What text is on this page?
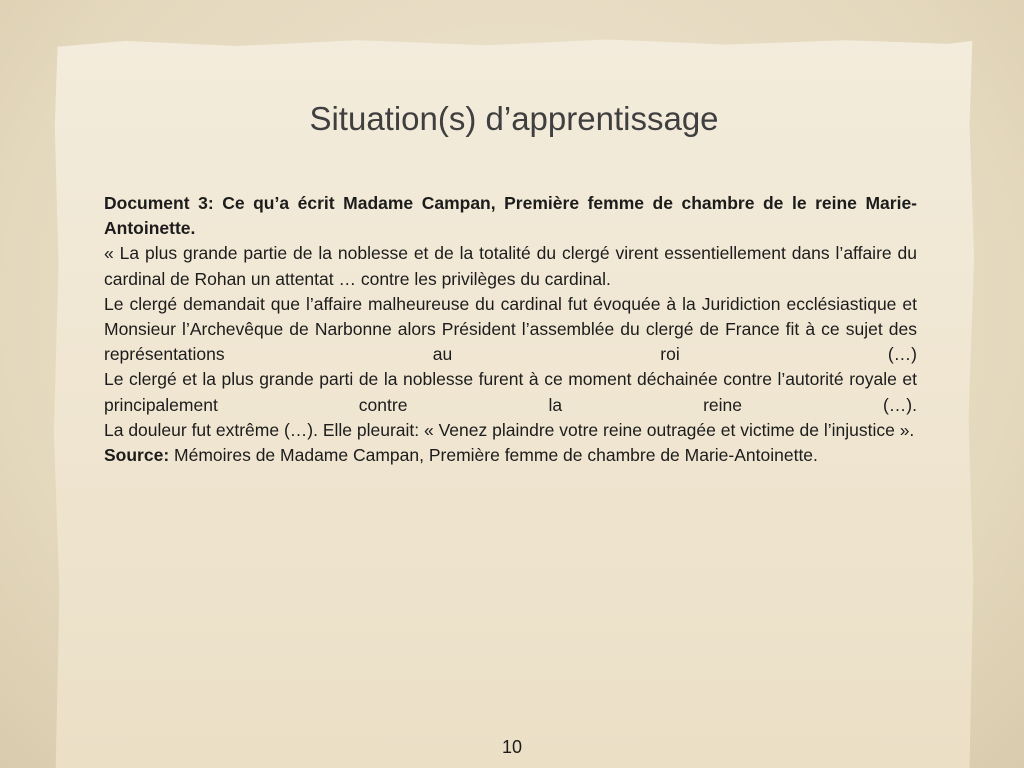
Situation(s) d’apprentissage

Document 3: Ce qu’a écrit Madame Campan, Première femme de chambre de le reine Marie-Antoinette.

« La plus grande partie de la noblesse et de la totalité du clergé virent essentiellement dans l’affaire du cardinal de Rohan un attentat … contre les privilèges du cardinal.

Le clergé demandait que l’affaire malheureuse du cardinal fut évoquée à la Juridiction ecclésiastique et Monsieur l’Archevêque de Narbonne alors Président l’assemblée du clergé de France fit à ce sujet des représentations au roi (…)

Le clergé et la plus grande parti de la noblesse furent à ce moment déchainée contre l’autorité royale et principalement contre la reine (…).

La douleur fut extrême (…). Elle pleurait: « Venez plaindre votre reine outragée et victime de l’injustice ».

Source: Mémoires de Madame Campan, Première femme de chambre de Marie-Antoinette.

10
